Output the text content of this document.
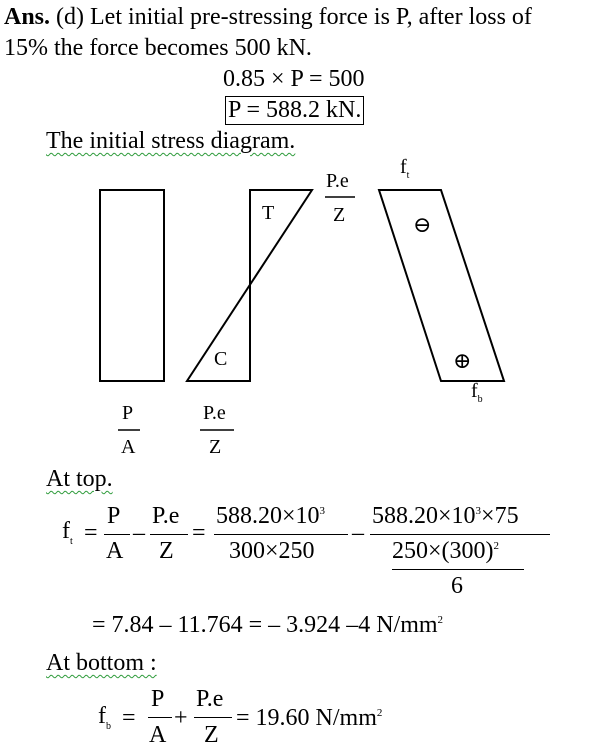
Ans. (d) Let initial pre-stressing force is P, after loss of
15% the force becomes 500 kN.
0.85 × P = 500
P = 588.2 kN.
The initial stress diagram.
P.e
Z
T
C
$f_t$
$f_b$
⊖
⊕
P
A
P.e
Z
At top.
$f_t$ =
P
A
–
P.e
Z
=
$588.20\times 10^3$
300×250
–
$588.20\times 10^3\times 75$
$250\times(300)^2$
6
= 7.84 – 11.764 = – 3.924 –4 $N/mm^2$
At bottom :
$f_b$ =
P
A
+
P.e
Z
= 19.60 $N/mm^2$
